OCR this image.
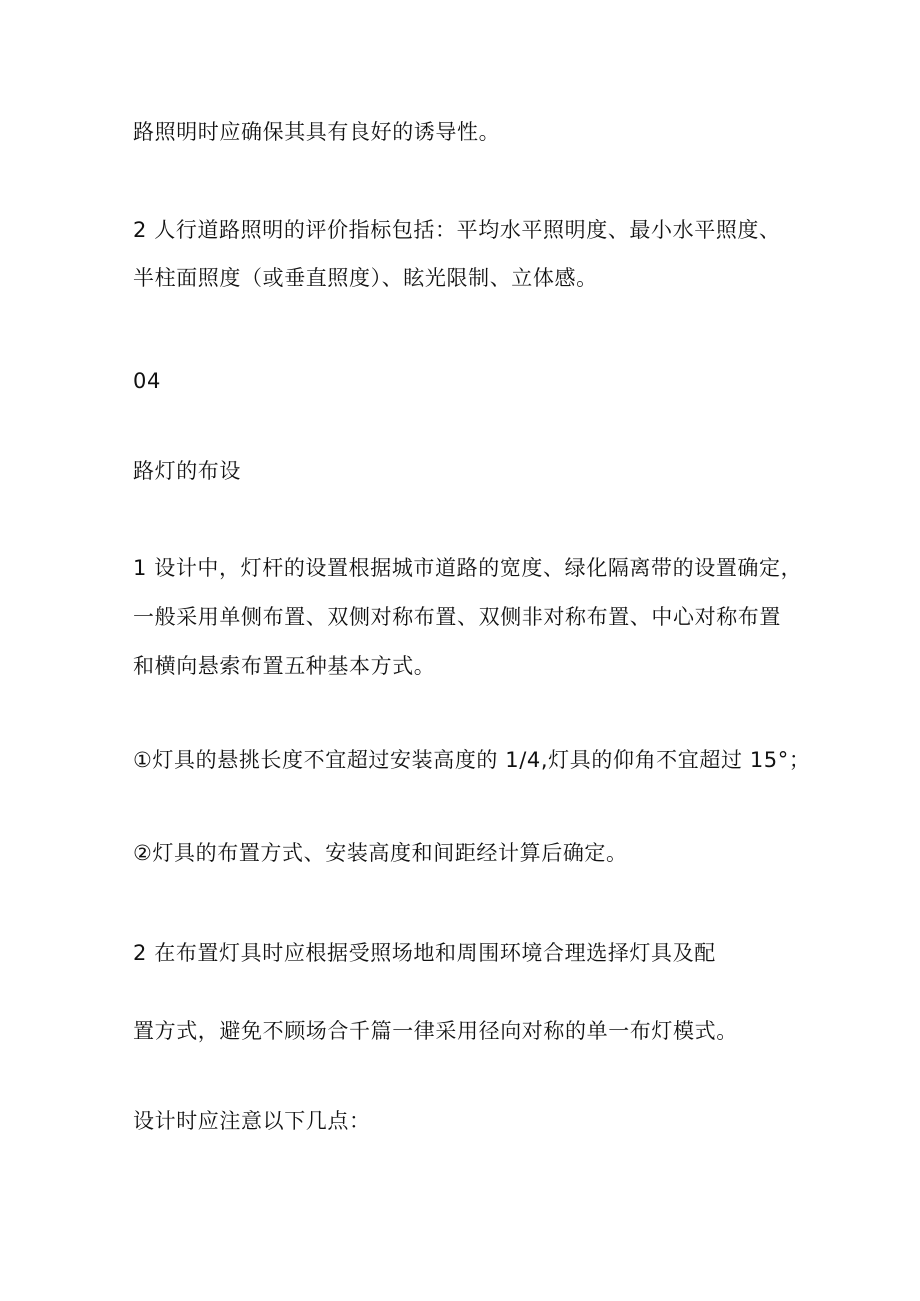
路照明时应确保其具有良好的诱导性。
2 人行道路照明的评价指标包括：平均水平照明度、最小水平照度、
半柱面照度（或垂直照度）、眩光限制、立体感。
04
路灯的布设
1 设计中，灯杆的设置根据城市道路的宽度、绿化隔离带的设置确定，
一般采用单侧布置、双侧对称布置、双侧非对称布置、中心对称布置
和横向悬索布置五种基本方式。
①灯具的悬挑长度不宜超过安装高度的 1/4,灯具的仰角不宜超过 15°；
②灯具的布置方式、安装高度和间距经计算后确定。
2 在布置灯具时应根据受照场地和周围环境合理选择灯具及配
置方式，避免不顾场合千篇一律采用径向对称的单一布灯模式。
设计时应注意以下几点：
